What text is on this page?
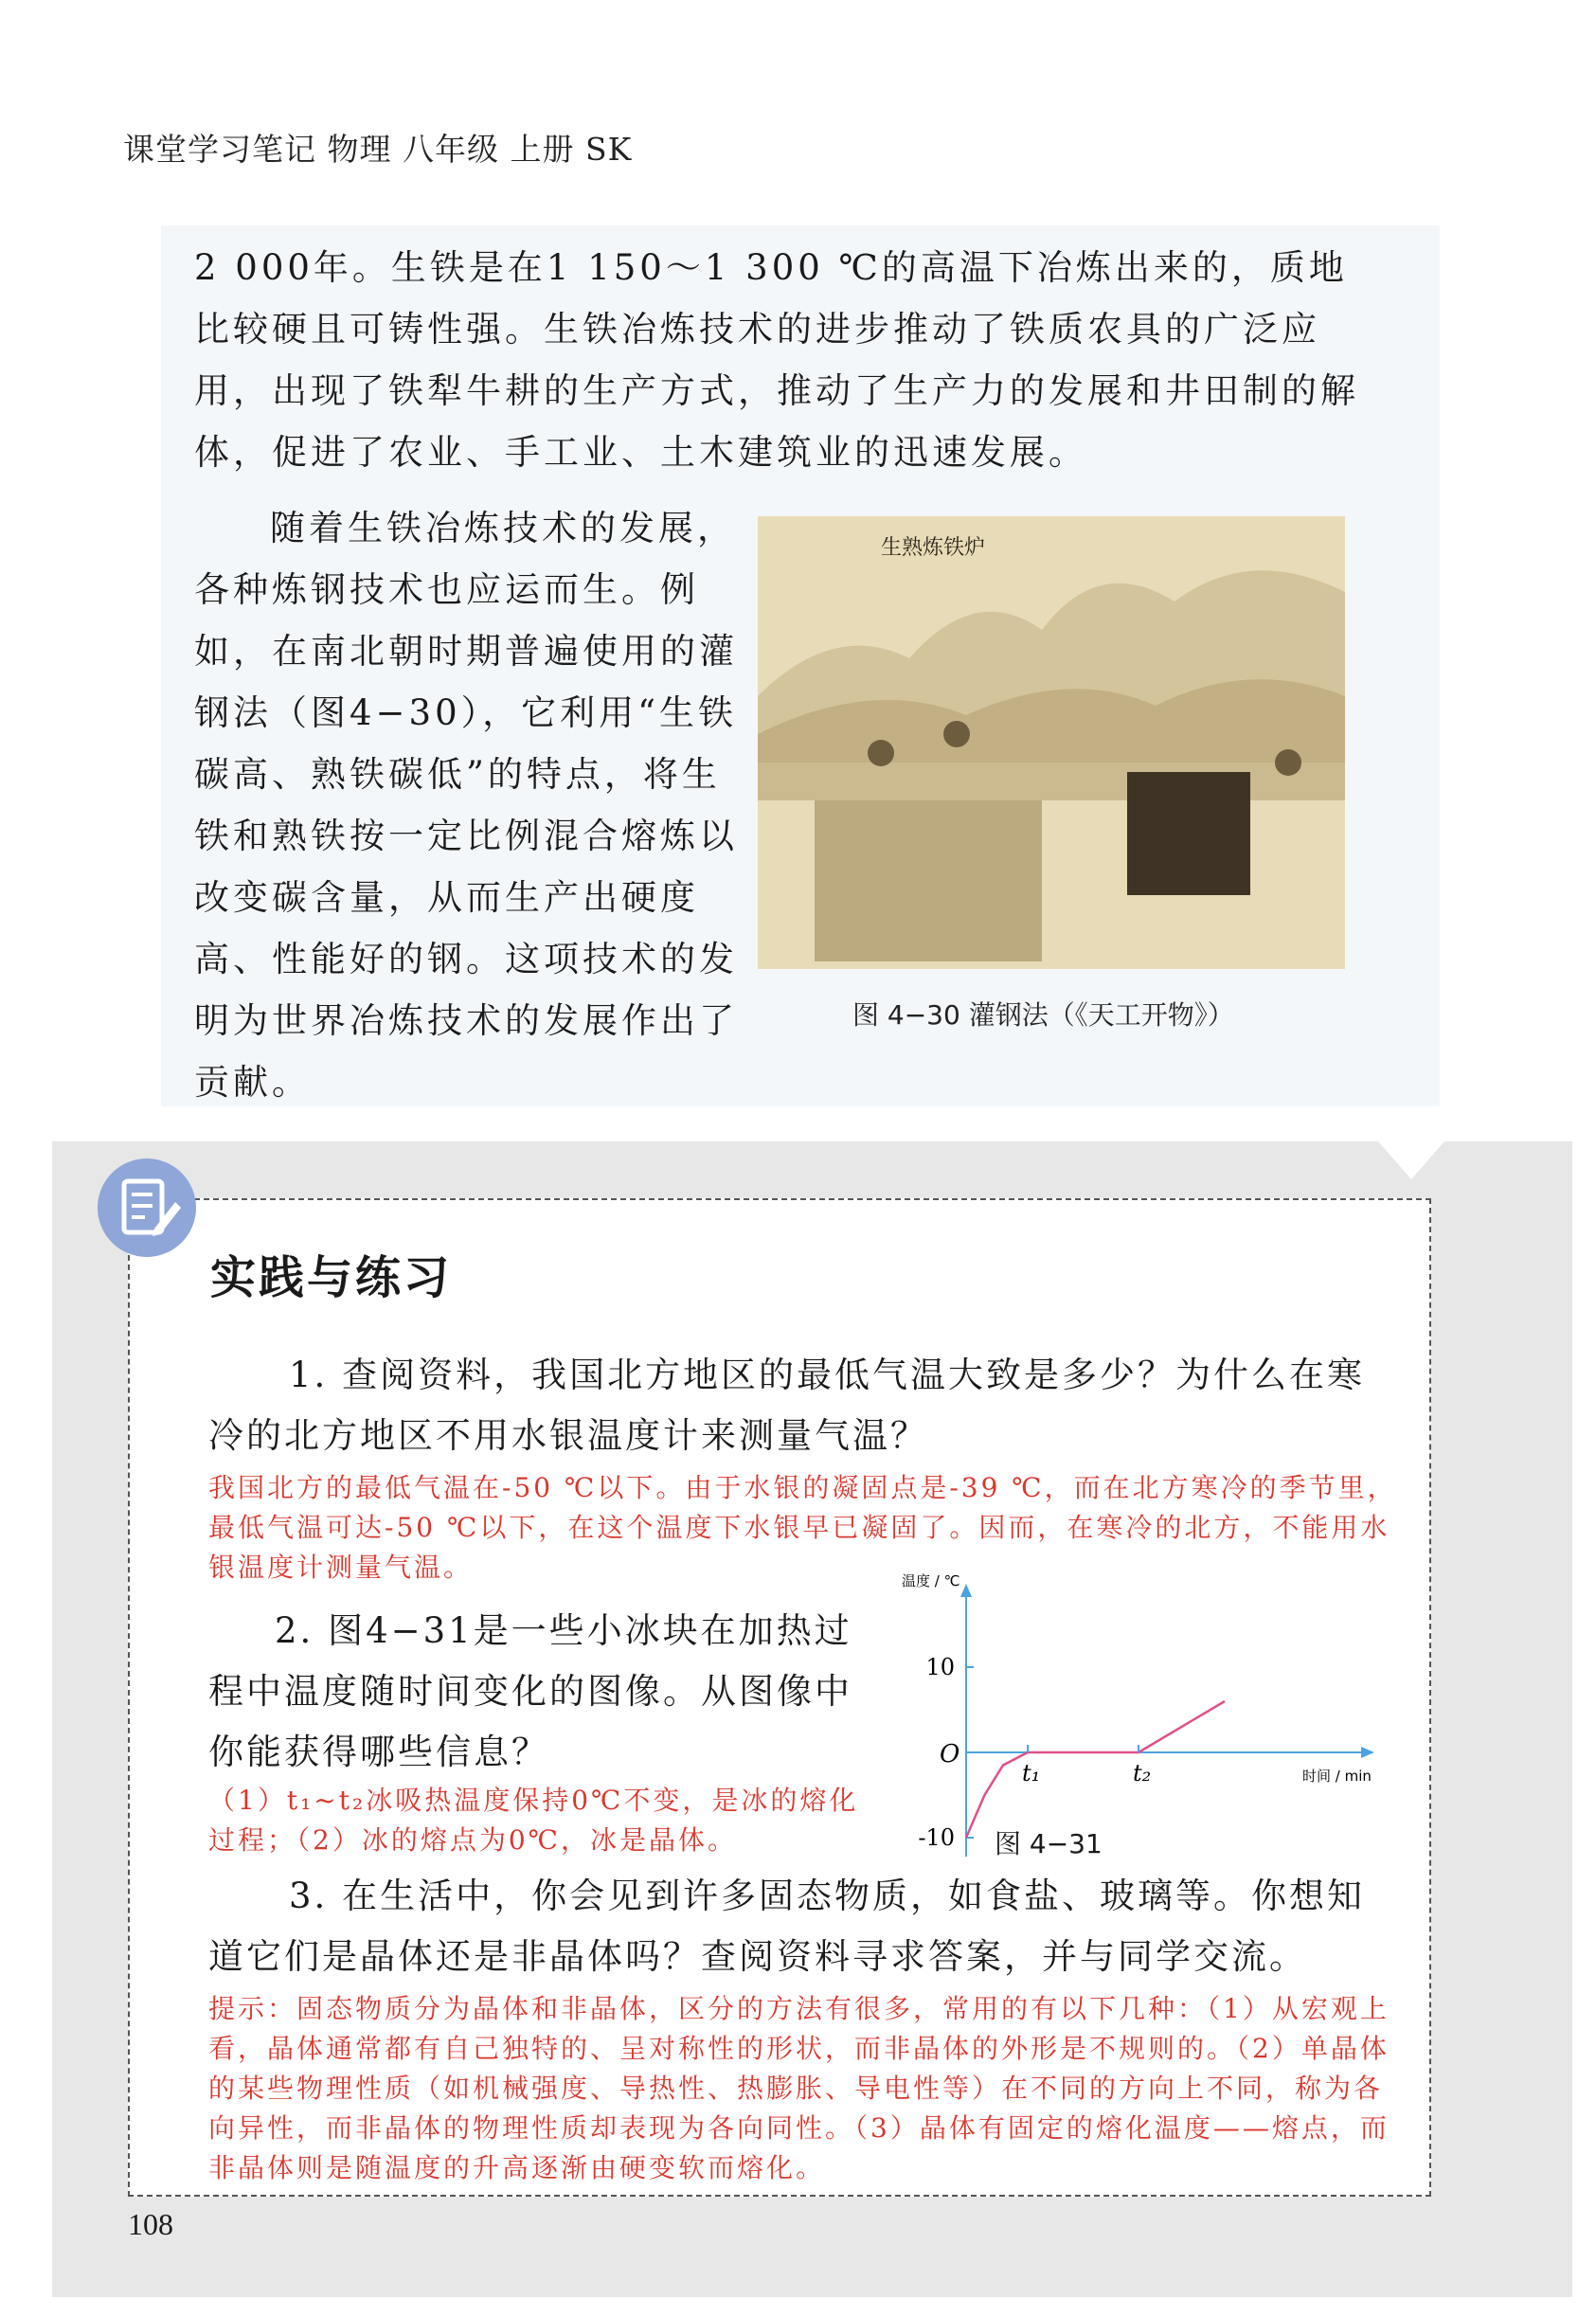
课堂学习笔记 物理 八年级 上册 SK
2 000年。生铁是在1 150～1 300 ℃的高温下冶炼出来的，质地比较硬且可铸性强。生铁冶炼技术的进步推动了铁质农具的广泛应用，出现了铁犁牛耕的生产方式，推动了生产力的发展和井田制的解体，促进了农业、手工业、土木建筑业的迅速发展。
随着生铁冶炼技术的发展，各种炼钢技术也应运而生。例如，在南北朝时期普遍使用的灌钢法（图4−30），它利用“生铁碳高、熟铁碳低”的特点，将生铁和熟铁按一定比例混合熔炼以改变碳含量，从而生产出硬度高、性能好的钢。这项技术的发明为世界冶炼技术的发展作出了贡献。
生熟炼铁炉
图 4−30 灌钢法（《天工开物》）
实践与练习
1. 查阅资料，我国北方地区的最低气温大致是多少？为什么在寒冷的北方地区不用水银温度计来测量气温？
我国北方的最低气温在-50 ℃以下。由于水银的凝固点是-39 ℃，而在北方寒冷的季节里，最低气温可达-50 ℃以下，在这个温度下水银早已凝固了。因而，在寒冷的北方，不能用水银温度计测量气温。
2. 图4−31是一些小冰块在加热过程中温度随时间变化的图像。从图像中你能获得哪些信息？
（1）t₁~t₂冰吸热温度保持0℃不变，是冰的熔化过程；（2）冰的熔点为0℃，冰是晶体。
温度 / ℃
时间 / min
O
10
-10
t₁	t₂
图 4−31
3. 在生活中，你会见到许多固态物质，如食盐、玻璃等。你想知道它们是晶体还是非晶体吗？查阅资料寻求答案，并与同学交流。
提示：固态物质分为晶体和非晶体，区分的方法有很多，常用的有以下几种：（1）从宏观上看，晶体通常都有自己独特的、呈对称性的形状，而非晶体的外形是不规则的。（2）单晶体的某些物理性质（如机械强度、导热性、热膨胀、导电性等）在不同的方向上不同，称为各向异性，而非晶体的物理性质却表现为各向同性。（3）晶体有固定的熔化温度——熔点，而非晶体则是随温度的升高逐渐由硬变软而熔化。
108
